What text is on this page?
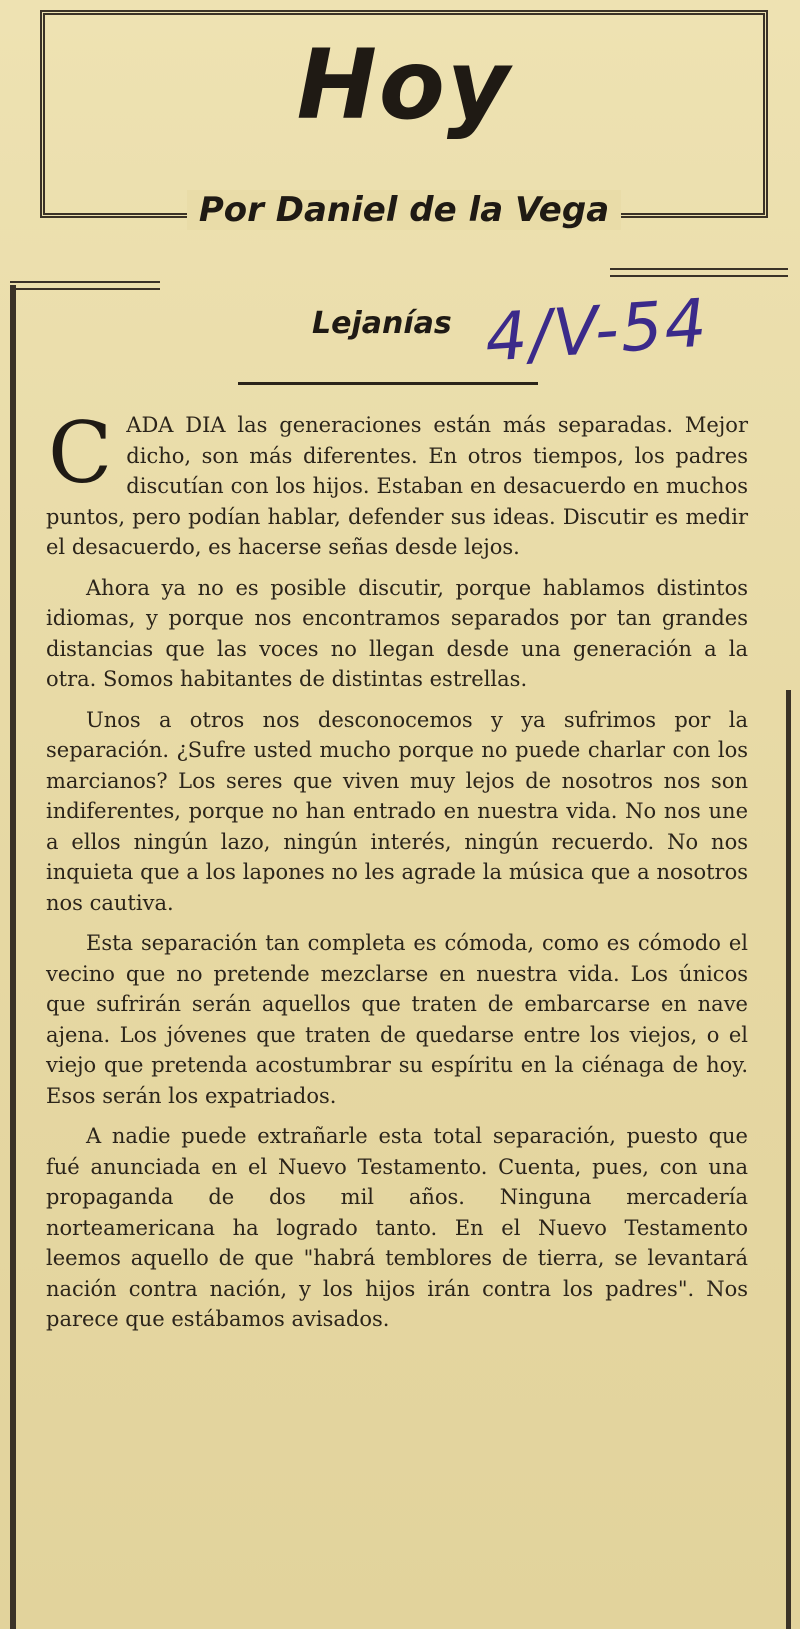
Hoy
Por Daniel de la Vega
Lejanías 4/V-54

CADA DIA las generaciones están más separadas. Mejor dicho, son más diferentes. En otros tiempos, los padres discutían con los hijos. Estaban en desacuerdo en muchos puntos, pero podían hablar, defender sus ideas. Discutir es medir el desacuerdo, es hacerse señas desde lejos.

Ahora ya no es posible discutir, porque hablamos distintos idiomas, y porque nos encontramos separados por tan grandes distancias que las voces no llegan desde una generación a la otra. Somos habitantes de distintas estrellas.

Unos a otros nos desconocemos y ya sufrimos por la separación. ¿Sufre usted mucho porque no puede charlar con los marcianos? Los seres que viven muy lejos de nosotros nos son indiferentes, porque no han entrado en nuestra vida. No nos une a ellos ningún lazo, ningún interés, ningún recuerdo. No nos inquieta que a los lapones no les agrade la música que a nosotros nos cautiva.

Esta separación tan completa es cómoda, como es cómodo el vecino que no pretende mezclarse en nuestra vida. Los únicos que sufrirán serán aquellos que traten de embarcarse en nave ajena. Los jóvenes que traten de quedarse entre los viejos, o el viejo que pretenda acostumbrar su espíritu en la ciénaga de hoy. Esos serán los expatriados.

A nadie puede extrañarle esta total separación, puesto que fué anunciada en el Nuevo Testamento. Cuenta, pues, con una propaganda de dos mil años. Ninguna mercadería norteamericana ha logrado tanto. En el Nuevo Testamento leemos aquello de que "habrá temblores de tierra, se levantará nación contra nación, y los hijos irán contra los padres". Nos parece que estábamos avisados.
